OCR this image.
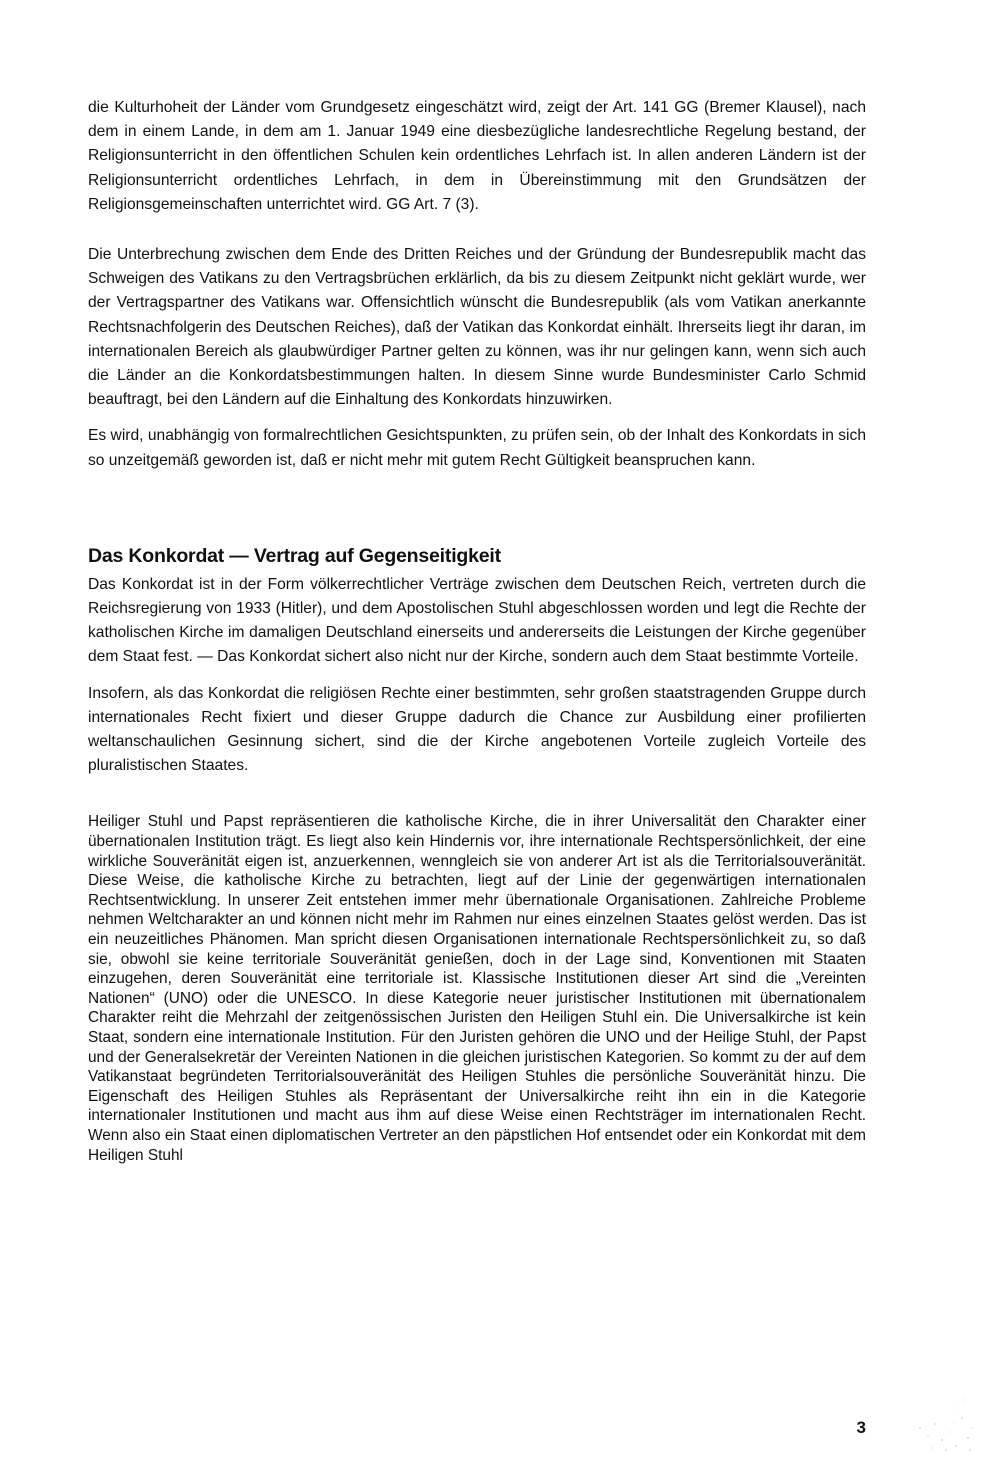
die Kulturhoheit der Länder vom Grundgesetz eingeschätzt wird, zeigt der Art. 141 GG (Bremer Klausel), nach dem in einem Lande, in dem am 1. Januar 1949 eine diesbezügliche landesrechtliche Regelung bestand, der Religionsunterricht in den öffentlichen Schulen kein ordentliches Lehrfach ist. In allen anderen Ländern ist der Religionsunterricht ordentliches Lehrfach, in dem in Übereinstimmung mit den Grundsätzen der Religionsgemeinschaften unterrichtet wird. GG Art. 7 (3).

Die Unterbrechung zwischen dem Ende des Dritten Reiches und der Gründung der Bundesrepublik macht das Schweigen des Vatikans zu den Vertragsbrüchen erklärlich, da bis zu diesem Zeitpunkt nicht geklärt wurde, wer der Vertragspartner des Vatikans war. Offensichtlich wünscht die Bundesrepublik (als vom Vatikan anerkannte Rechtsnachfolgerin des Deutschen Reiches), daß der Vatikan das Konkordat einhält. Ihrerseits liegt ihr daran, im internationalen Bereich als glaubwürdiger Partner gelten zu können, was ihr nur gelingen kann, wenn sich auch die Länder an die Konkordatsbestimmungen halten. In diesem Sinne wurde Bundesminister Carlo Schmid beauftragt, bei den Ländern auf die Einhaltung des Konkordats hinzuwirken.

Es wird, unabhängig von formalrechtlichen Gesichtspunkten, zu prüfen sein, ob der Inhalt des Konkordats in sich so unzeitgemäß geworden ist, daß er nicht mehr mit gutem Recht Gültigkeit beanspruchen kann.

Das Konkordat — Vertrag auf Gegenseitigkeit

Das Konkordat ist in der Form völkerrechtlicher Verträge zwischen dem Deutschen Reich, vertreten durch die Reichsregierung von 1933 (Hitler), und dem Apostolischen Stuhl abgeschlossen worden und legt die Rechte der katholischen Kirche im damaligen Deutschland einerseits und andererseits die Leistungen der Kirche gegenüber dem Staat fest. — Das Konkordat sichert also nicht nur der Kirche, sondern auch dem Staat bestimmte Vorteile.

Insofern, als das Konkordat die religiösen Rechte einer bestimmten, sehr großen staatstragenden Gruppe durch internationales Recht fixiert und dieser Gruppe dadurch die Chance zur Ausbildung einer profilierten weltanschaulichen Gesinnung sichert, sind die der Kirche angebotenen Vorteile zugleich Vorteile des pluralistischen Staates.

Heiliger Stuhl und Papst repräsentieren die katholische Kirche, die in ihrer Universalität den Charakter einer übernationalen Institution trägt. Es liegt also kein Hindernis vor, ihre internationale Rechtspersönlichkeit, der eine wirkliche Souveränität eigen ist, anzuerkennen, wenngleich sie von anderer Art ist als die Territorialsouveränität. Diese Weise, die katholische Kirche zu betrachten, liegt auf der Linie der gegenwärtigen internationalen Rechtsentwicklung. In unserer Zeit entstehen immer mehr übernationale Organisationen. Zahlreiche Probleme nehmen Weltcharakter an und können nicht mehr im Rahmen nur eines einzelnen Staates gelöst werden. Das ist ein neuzeitliches Phänomen. Man spricht diesen Organisationen internationale Rechtspersönlichkeit zu, so daß sie, obwohl sie keine territoriale Souveränität genießen, doch in der Lage sind, Konventionen mit Staaten einzugehen, deren Souveränität eine territoriale ist. Klassische Institutionen dieser Art sind die „Vereinten Nationen“ (UNO) oder die UNESCO. In diese Kategorie neuer juristischer Institutionen mit übernationalem Charakter reiht die Mehrzahl der zeitgenössischen Juristen den Heiligen Stuhl ein. Die Universalkirche ist kein Staat, sondern eine internationale Institution. Für den Juristen gehören die UNO und der Heilige Stuhl, der Papst und der Generalsekretär der Vereinten Nationen in die gleichen juristischen Kategorien. So kommt zu der auf dem Vatikanstaat begründeten Territorialsouveränität des Heiligen Stuhles die persönliche Souveränität hinzu. Die Eigenschaft des Heiligen Stuhles als Repräsentant der Universalkirche reiht ihn ein in die Kategorie internationaler Institutionen und macht aus ihm auf diese Weise einen Rechtsträger im internationalen Recht. Wenn also ein Staat einen diplomatischen Vertreter an den päpstlichen Hof entsendet oder ein Konkordat mit dem Heiligen Stuhl

3
